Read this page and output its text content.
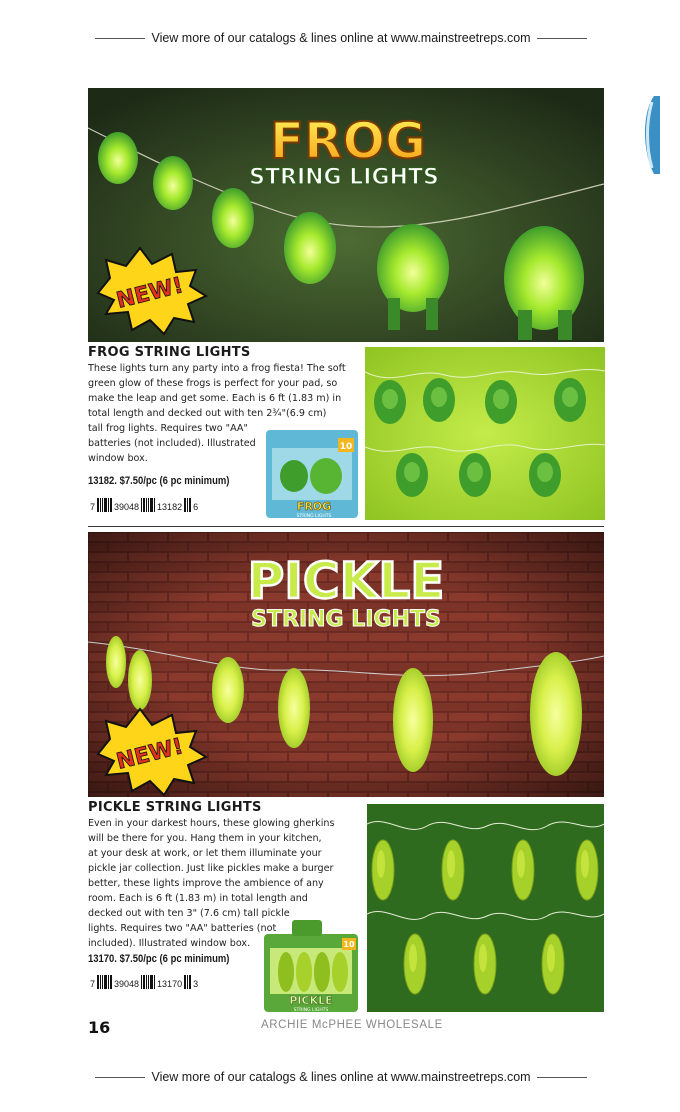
View more of our catalogs & lines online at www.mainstreetreps.com
FROG
STRING LIGHTS
NEW!
FROG STRING LIGHTS
These lights turn any party into a frog fiesta! The soft
green glow of these frogs is perfect for your pad, so
make the leap and get some. Each is 6 ft (1.83 m) in
total length and decked out with ten 2¾"(6.9 cm)
tall frog lights. Requires two "AA"
batteries (not included). Illustrated
window box.
10
FROG
STRING LIGHTS
13182. $7.50/pc (6 pc minimum)
7 39048 13182 6
PICKLE
STRING LIGHTS
NEW!
PICKLE STRING LIGHTS
Even in your darkest hours, these glowing gherkins
will be there for you. Hang them in your kitchen,
at your desk at work, or let them illuminate your
pickle jar collection. Just like pickles make a burger
better, these lights improve the ambience of any
room. Each is 6 ft (1.83 m) in total length and
decked out with ten 3" (7.6 cm) tall pickle
lights. Requires two "AA" batteries (not
included). Illustrated window box.	10
PICKLE
STRING LIGHTS
13170. $7.50/pc (6 pc minimum)
7 39048 13170 3
16	ARCHIE McPHEE WHOLESALE
View more of our catalogs & lines online at www.mainstreetreps.com
